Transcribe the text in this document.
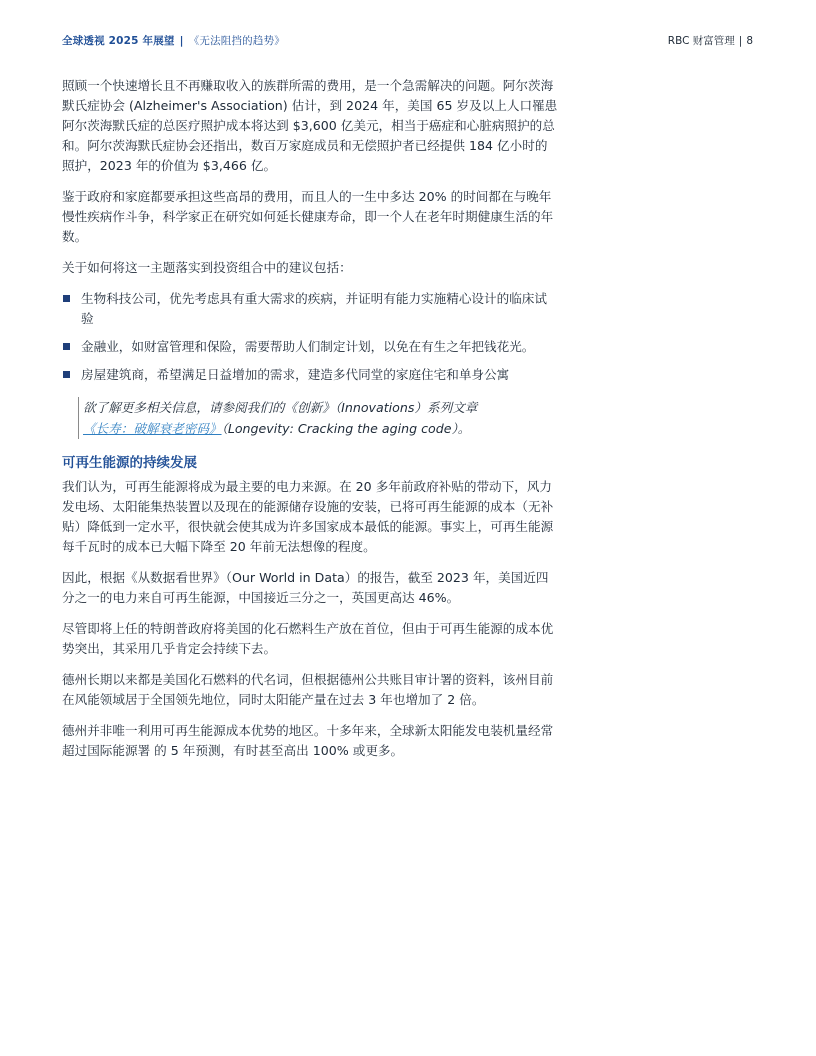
全球透视 2025 年展望 | 《无法阻挡的趋势》	RBC 财富管理 | 8

照顾一个快速增长且不再赚取收入的族群所需的费用，是一个急需解决的问题。阿尔茨海默氏症协会 (Alzheimer's Association) 估计，到 2024 年，美国 65 岁及以上人口罹患阿尔茨海默氏症的总医疗照护成本将达到 $3,600 亿美元，相当于癌症和心脏病照护的总和。阿尔茨海默氏症协会还指出，数百万家庭成员和无偿照护者已经提供 184 亿小时的照护，2023 年的价值为 $3,466 亿。

鉴于政府和家庭都要承担这些高昂的费用，而且人的一生中多达 20% 的时间都在与晚年慢性疾病作斗争，科学家正在研究如何延长健康寿命，即一个人在老年时期健康生活的年数。

关于如何将这一主题落实到投资组合中的建议包括：

生物科技公司，优先考虑具有重大需求的疾病，并证明有能力实施精心设计的临床试验
金融业，如财富管理和保险，需要帮助人们制定计划，以免在有生之年把钱花光。
房屋建筑商，希望满足日益增加的需求，建造多代同堂的家庭住宅和单身公寓
欲了解更多相关信息，请参阅我们的《创新》（Innovations）系列文章
《长寿：破解衰老密码》（Longevity: Cracking the aging code）。
可再生能源的持续发展

我们认为，可再生能源将成为最主要的电力来源。在 20 多年前政府补贴的带动下，风力发电场、太阳能集热装置以及现在的能源储存设施的安装，已将可再生能源的成本（无补贴）降低到一定水平，很快就会使其成为许多国家成本最低的能源。事实上，可再生能源每千瓦时的成本已大幅下降至 20 年前无法想像的程度。

因此，根据《从数据看世界》（Our World in Data）的报告，截至 2023 年，美国近四分之一的电力来自可再生能源，中国接近三分之一，英国更高达 46%。

尽管即将上任的特朗普政府将美国的化石燃料生产放在首位，但由于可再生能源的成本优势突出，其采用几乎肯定会持续下去。

德州长期以来都是美国化石燃料的代名词，但根据德州公共账目审计署的资料，该州目前在风能领域居于全国领先地位，同时太阳能产量在过去 3 年也增加了 2 倍。

德州并非唯一利用可再生能源成本优势的地区。十多年来，全球新太阳能发电装机量经常超过国际能源署 的 5 年预测，有时甚至高出 100% 或更多。
